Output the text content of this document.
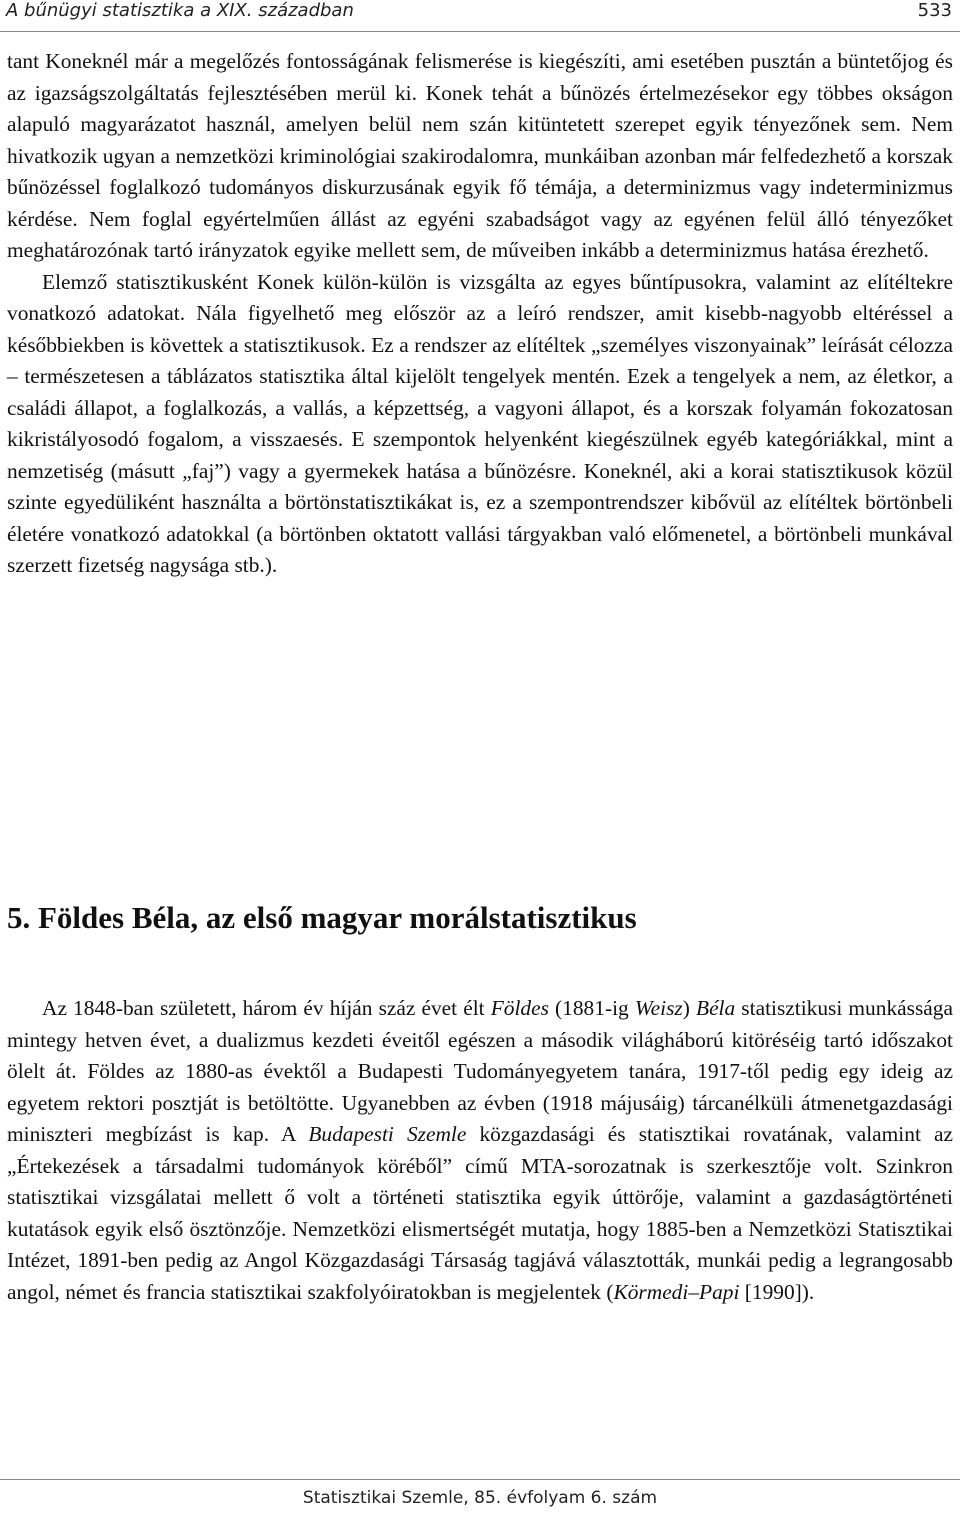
A bűnügyi statisztika a XIX. században	533

tant Koneknél már a megelőzés fontosságának felismerése is kiegészíti, ami esetében pusztán a büntetőjog és az igazságszolgáltatás fejlesztésében merül ki. Konek tehát a bűnözés értelmezésekor egy többes okságon alapuló magyarázatot használ, amelyen belül nem szán kitüntetett szerepet egyik tényezőnek sem. Nem hivatkozik ugyan a nemzetközi kriminológiai szakirodalomra, munkáiban azonban már felfedezhető a korszak bűnözéssel foglalkozó tudományos diskurzusának egyik fő témája, a determinizmus vagy indeterminizmus kérdése. Nem foglal egyértelműen állást az egyéni szabadságot vagy az egyénen felül álló tényezőket meghatározónak tartó irányzatok egyike mellett sem, de műveiben inkább a determinizmus hatása érezhető.

Elemző statisztikusként Konek külön-külön is vizsgálta az egyes bűntípusokra, valamint az elítéltekre vonatkozó adatokat. Nála figyelhető meg először az a leíró rendszer, amit kisebb-nagyobb eltéréssel a későbbiekben is követtek a statisztikusok. Ez a rendszer az elítéltek „személyes viszonyainak” leírását célozza – természetesen a táblázatos statisztika által kijelölt tengelyek mentén. Ezek a tengelyek a nem, az életkor, a családi állapot, a foglalkozás, a vallás, a képzettség, a vagyoni állapot, és a korszak folyamán fokozatosan kikristályosodó fogalom, a visszaesés. E szempontok helyenként kiegészülnek egyéb kategóriákkal, mint a nemzetiség (másutt „faj”) vagy a gyermekek hatása a bűnözésre. Koneknél, aki a korai statisztikusok közül szinte egyedüliként használta a börtönstatisztikákat is, ez a szempontrendszer kibővül az elítéltek börtönbeli életére vonatkozó adatokkal (a börtönben oktatott vallási tárgyakban való előmenetel, a börtönbeli munkával szerzett fizetség nagysága stb.).

5. Földes Béla, az első magyar morálstatisztikus

Az 1848-ban született, három év híján száz évet élt Földes (1881-ig Weisz) Béla statisztikusi munkássága mintegy hetven évet, a dualizmus kezdeti éveitől egészen a második világháború kitöréséig tartó időszakot ölelt át. Földes az 1880-as évektől a Budapesti Tudományegyetem tanára, 1917-től pedig egy ideig az egyetem rektori posztját is betöltötte. Ugyanebben az évben (1918 májusáig) tárcanélküli átmenetgazdasági miniszteri megbízást is kap. A Budapesti Szemle közgazdasági és statisztikai rovatának, valamint az „Értekezések a társadalmi tudományok köréből” című MTA-sorozatnak is szerkesztője volt. Szinkron statisztikai vizsgálatai mellett ő volt a történeti statisztika egyik úttörője, valamint a gazdaságtörténeti kutatások egyik első ösztönzője. Nemzetközi elismertségét mutatja, hogy 1885-ben a Nemzetközi Statisztikai Intézet, 1891-ben pedig az Angol Közgazdasági Társaság tagjává választották, munkái pedig a legrangosabb angol, német és francia statisztikai szakfolyóiratokban is megjelentek (Körmedi–Papi [1990]).

Statisztikai Szemle, 85. évfolyam 6. szám
